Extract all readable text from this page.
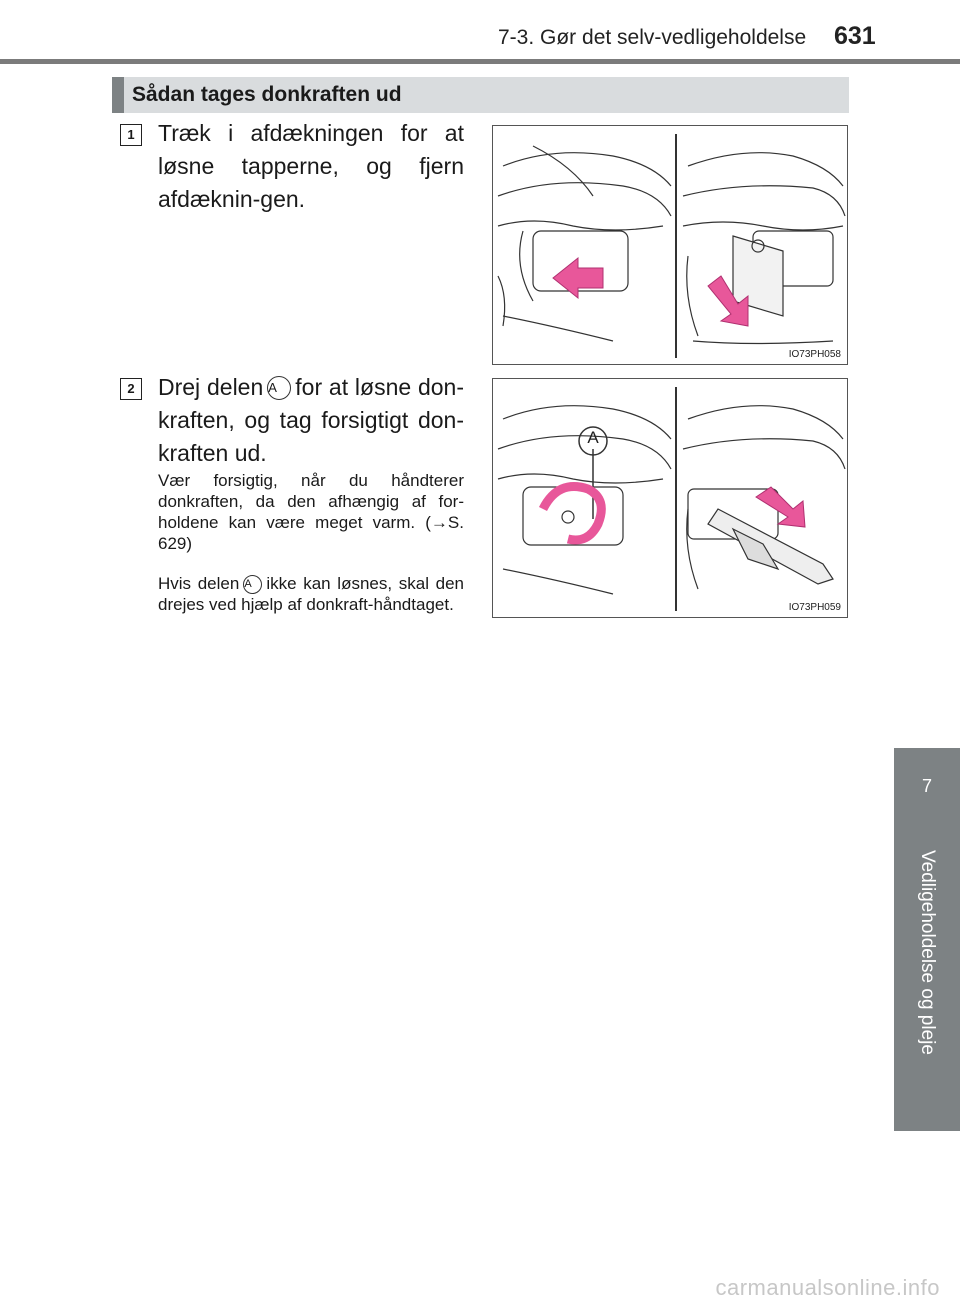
7-3. Gør det selv-vedligeholdelse 631
7
Vedligeholdelse og pleje
Sådan tages donkraften ud
1	Træk i afdækningen for at løsne tapperne, og fjern afdæknin-gen.
IO73PH058
2	Drej delen A for at løsne don-kraften, og tag forsigtigt don-kraften ud.
Vær forsigtig, når du håndterer donkraften, da den afhængig af for-holdene kan være meget varm. (→S. 629)
Hvis delen A ikke kan løsnes, skal den drejes ved hjælp af donkraft-håndtaget.
A
IO73PH059
carmanualsonline.info
